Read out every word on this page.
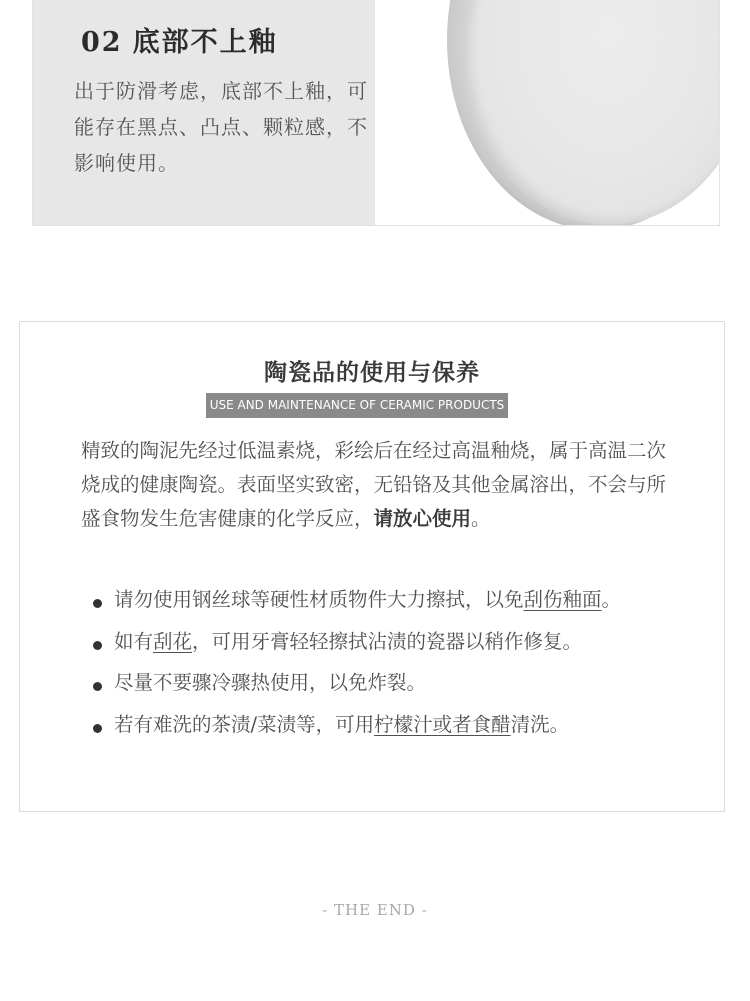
02 底部不上釉
出于防滑考虑，底部不上釉，可能存在黑点、凸点、颗粒感，不影响使用。
陶瓷品的使用与保养
USE AND MAINTENANCE OF CERAMIC PRODUCTS
精致的陶泥先经过低温素烧，彩绘后在经过高温釉烧，属于高温二次烧成的健康陶瓷。表面坚实致密，无铅铬及其他金属溶出，不会与所盛食物发生危害健康的化学反应，请放心使用。
请勿使用钢丝球等硬性材质物件大力擦拭，以免刮伤釉面。
如有刮花，可用牙膏轻轻擦拭沾渍的瓷器以稍作修复。
尽量不要骤冷骤热使用，以免炸裂。
若有难洗的茶渍/菜渍等，可用柠檬汁或者食醋清洗。
- THE END -
